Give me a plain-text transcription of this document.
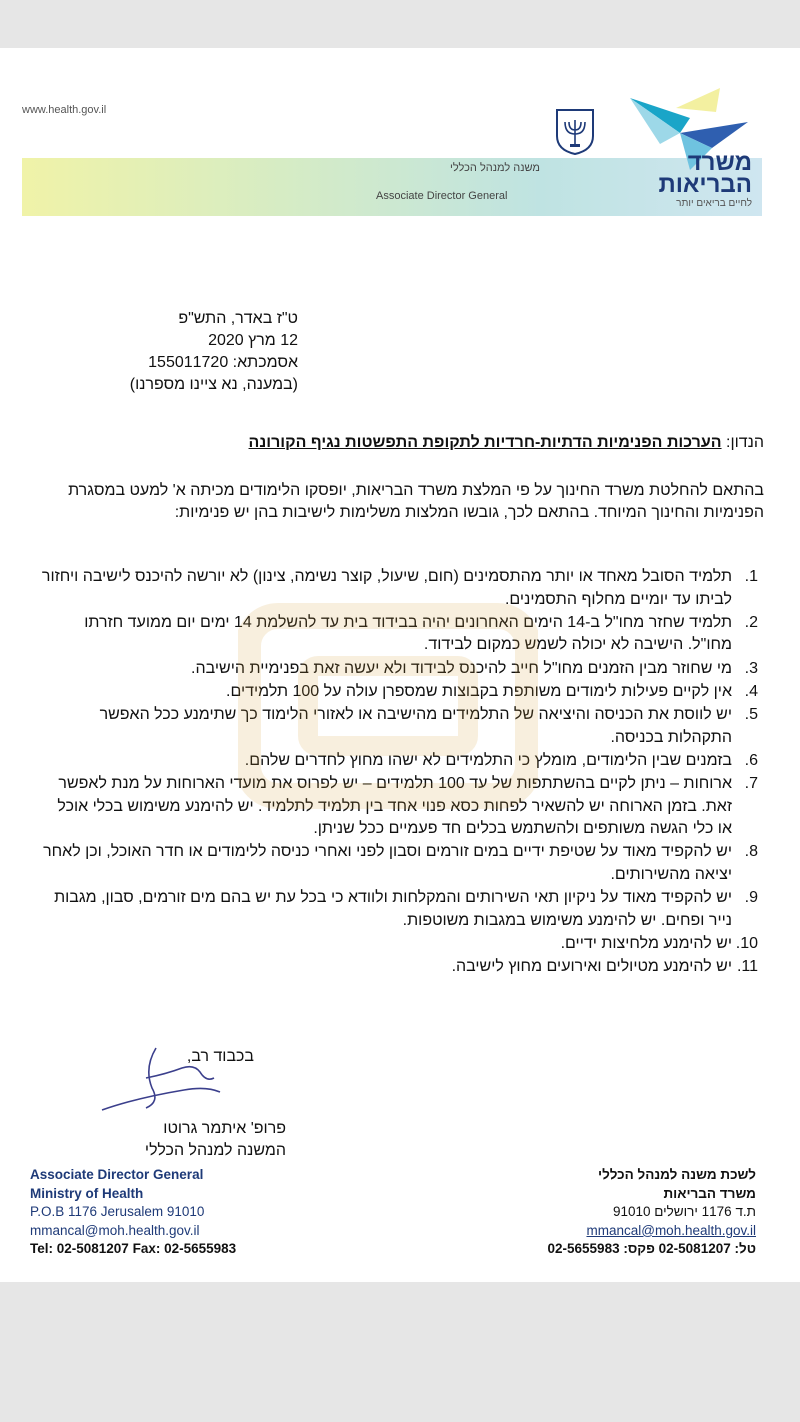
www.health.gov.il
משנה למנהל הכללי
Associate Director General
משרד
הבריאות
לחיים בריאים יותר
ט"ז באדר, התש"פ
12 מרץ 2020
אסמכתא: 155011720
(במענה, נא ציינו מספרנו)
הנדון: הערכות הפנימיות הדתיות-חרדיות לתקופת התפשטות נגיף הקורונה
בהתאם להחלטת משרד החינוך על פי המלצת משרד הבריאות, יופסקו הלימודים מכיתה א' למעט במסגרת הפנימיות והחינוך המיוחד. בהתאם לכך, גובשו המלצות משלימות לישיבות בהן יש פנימיות:
1.
תלמיד הסובל מאחד או יותר מהתסמינים (חום, שיעול, קוצר נשימה, צינון) לא יורשה להיכנס לישיבה ויחזור לביתו עד יומיים מחלוף התסמינים.
2.
תלמיד שחזר מחו"ל ב-14 הימים האחרונים יהיה בבידוד בית עד להשלמת 14 ימים יום ממועד חזרתו מחו"ל. הישיבה לא יכולה לשמש כמקום לבידוד.
3.
מי שחוזר מבין הזמנים מחו"ל חייב להיכנס לבידוד ולא יעשה זאת בפנימיית הישיבה.
4.
אין לקיים פעילות לימודים משותפת בקבוצות שמספרן עולה על 100 תלמידים.
5.
יש לווסת את הכניסה והיציאה של התלמידים מהישיבה או לאזורי הלימוד כך שתימנע ככל האפשר התקהלות בכניסה.
6.
בזמנים שבין הלימודים, מומלץ כי התלמידים לא ישהו מחוץ לחדרים שלהם.
7.
ארוחות – ניתן לקיים בהשתתפות של עד 100 תלמידים – יש לפרוס את מועדי הארוחות על מנת לאפשר זאת. בזמן הארוחה יש להשאיר לפחות כסא פנוי אחד בין תלמיד לתלמיד. יש להימנע משימוש בכלי אוכל או כלי הגשה משותפים ולהשתמש בכלים חד פעמיים ככל שניתן.
8.
יש להקפיד מאוד על שטיפת ידיים במים זורמים וסבון לפני ואחרי כניסה ללימודים או חדר האוכל, וכן לאחר יציאה מהשירותים.
9.
יש להקפיד מאוד על ניקיון תאי השירותים והמקלחות ולוודא כי בכל עת יש בהם מים זורמים, סבון, מגבות נייר ופחים. יש להימנע משימוש במגבות משוטפות.
10.
יש להימנע מלחיצות ידיים.
11.
יש להימנע מטיולים ואירועים מחוץ לישיבה.
בכבוד רב,
פרופ' איתמר גרוטו
המשנה למנהל הכללי
Associate Director General
Ministry of Health
P.O.B 1176 Jerusalem 91010
mmancal@moh.health.gov.il
Tel: 02-5081207 Fax: 02-5655983
לשכת משנה למנהל הכללי
משרד הבריאות
ת.ד 1176 ירושלים 91010
mmancal@moh.health.gov.il
טל: 02-5081207 פקס: 02-5655983
